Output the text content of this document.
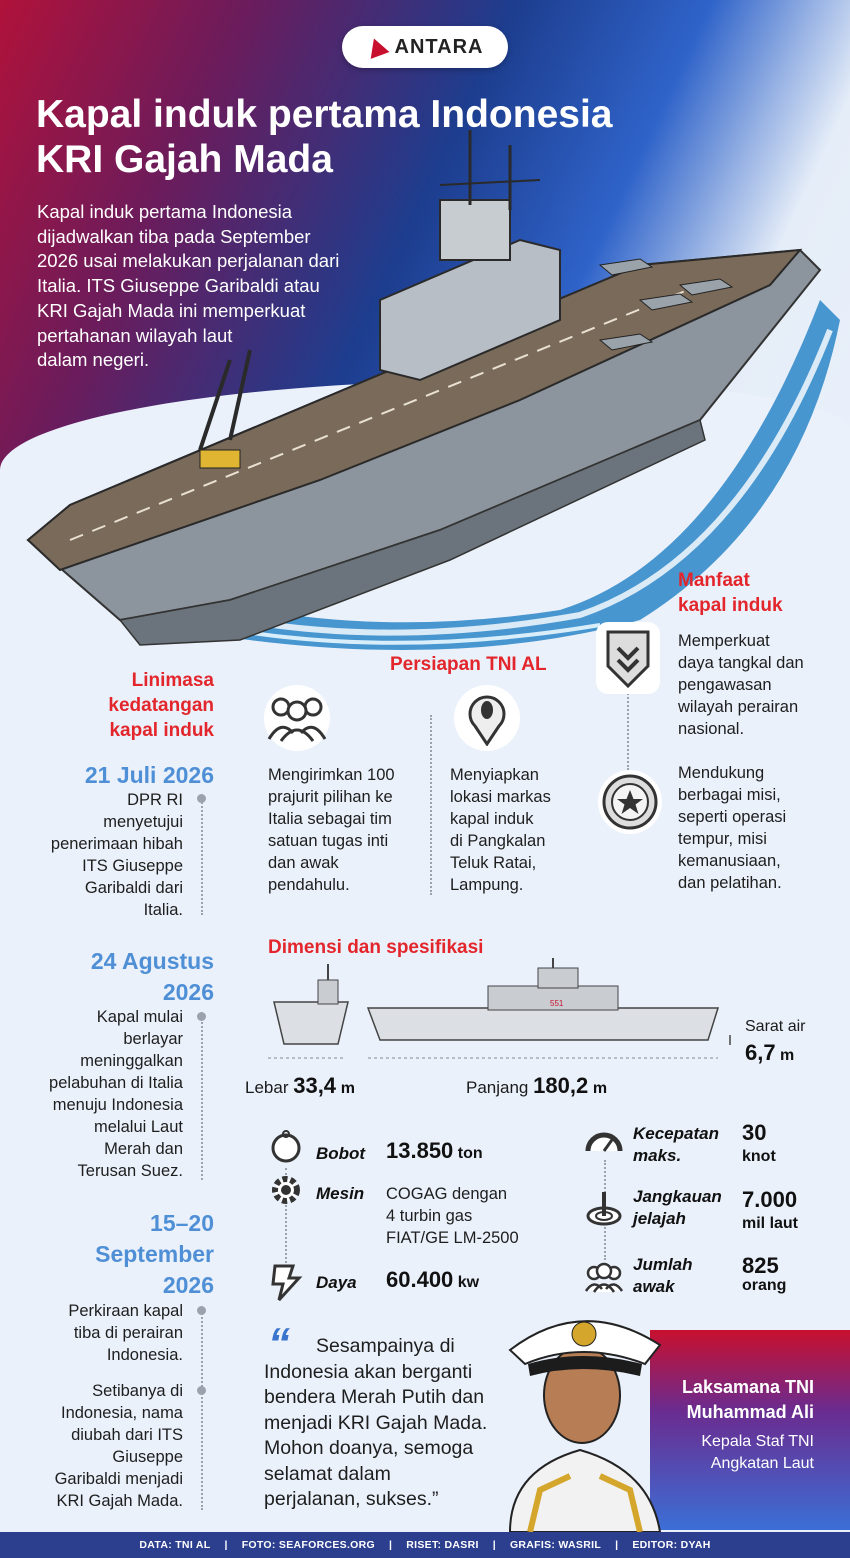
ANTARA
Kapal induk pertama Indonesia
KRI Gajah Mada
Kapal induk pertama Indonesia
dijadwalkan tiba pada September
2026 usai melakukan perjalanan dari
Italia. ITS Giuseppe Garibaldi atau
KRI Gajah Mada ini memperkuat
pertahanan wilayah laut
dalam negeri.
Linimasa
kedatangan
kapal induk
21 Juli 2026
DPR RI
menyetujui
penerimaan hibah
ITS Giuseppe
Garibaldi dari
Italia.
24 Agustus
2026
Kapal mulai
berlayar
meninggalkan
pelabuhan di Italia
menuju Indonesia
melalui Laut
Merah dan
Terusan Suez.
15–20
September
2026
Perkiraan kapal
tiba di perairan
Indonesia.
Setibanya di
Indonesia, nama
diubah dari ITS
Giuseppe
Garibaldi menjadi
KRI Gajah Mada.
Persiapan TNI AL
Mengirimkan 100
prajurit pilihan ke
Italia sebagai tim
satuan tugas inti
dan awak
pendahulu.
Menyiapkan
lokasi markas
kapal induk
di Pangkalan
Teluk Ratai,
Lampung.
Manfaat
kapal induk
Memperkuat
daya tangkal dan
pengawasan
wilayah perairan
nasional.
Mendukung
berbagai misi,
seperti operasi
tempur, misi
kemanusiaan,
dan pelatihan.
Dimensi dan spesifikasi
551
Lebar 33,4 m	Panjang 180,2 m
Sarat air
6,7 m
Bobot 13.850 ton
Mesin COGAG dengan
4 turbin gas
FIAT/GE LM-2500
Daya 60.400 kw
Kecepatan
maks.
30
knot
Jangkauan
jelajah
7.000
mil laut
Jumlah
awak
825
orang
“	Sesampainya di
Indonesia akan berganti
bendera Merah Putih dan
menjadi KRI Gajah Mada.
Mohon doanya, semoga
selamat dalam
perjalanan, sukses.”
Laksamana TNI
Muhammad Ali
Kepala Staf TNI
Angkatan Laut
DATA: TNI AL | FOTO: SEAFORCES.ORG | RISET: DASRI | GRAFIS: WASRIL | EDITOR: DYAH
